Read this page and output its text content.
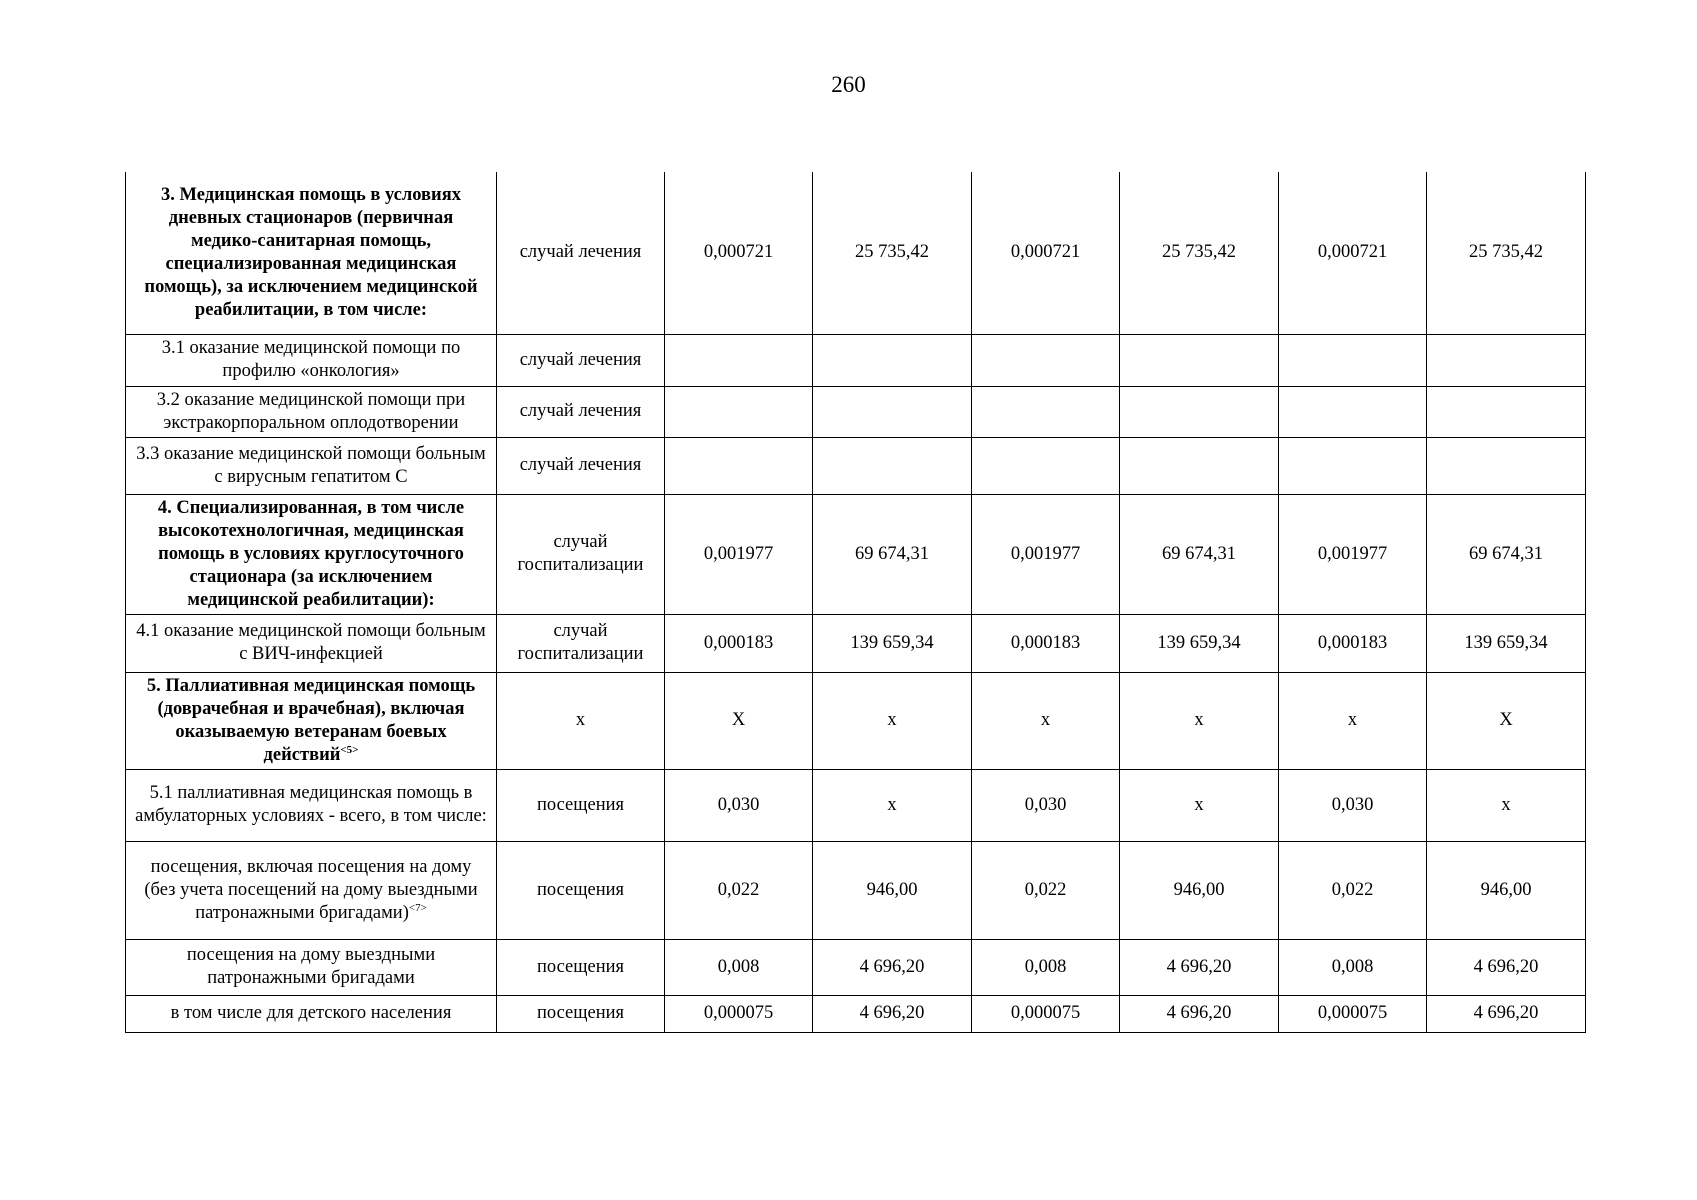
260
3. Медицинская помощь в условиях дневных стационаров (первичная медико-санитарная помощь, специализированная медицинская помощь), за исключением медицинской реабилитации, в том числе:	случай лечения	0,000721	25 735,42	0,000721	25 735,42	0,000721	25 735,42
3.1 оказание медицинской помощи по профилю «онкология»	случай лечения						
3.2 оказание медицинской помощи при экстракорпоральном оплодотворении	случай лечения						
3.3 оказание медицинской помощи больным с вирусным гепатитом С	случай лечения						
4. Специализированная, в том числе высокотехнологичная, медицинская помощь в условиях круглосуточного стационара (за исключением медицинской реабилитации):	случай госпитализации	0,001977	69 674,31	0,001977	69 674,31	0,001977	69 674,31
4.1 оказание медицинской помощи больным с ВИЧ-инфекцией	случай госпитализации	0,000183	139 659,34	0,000183	139 659,34	0,000183	139 659,34
5. Паллиативная медицинская помощь (доврачебная и врачебная), включая оказываемую ветеранам боевых действий$^{<5>}$	х	Х	х	х	х	х	Х
5.1 паллиативная медицинская помощь в амбулаторных условиях - всего, в том числе:	посещения	0,030	х	0,030	х	0,030	х
посещения, включая посещения на дому (без учета посещений на дому выездными патронажными бригадами)$^{<7>}$	посещения	0,022	946,00	0,022	946,00	0,022	946,00
посещения на дому выездными патронажными бригадами	посещения	0,008	4 696,20	0,008	4 696,20	0,008	4 696,20
в том числе для детского населения	посещения	0,000075	4 696,20	0,000075	4 696,20	0,000075	4 696,20
